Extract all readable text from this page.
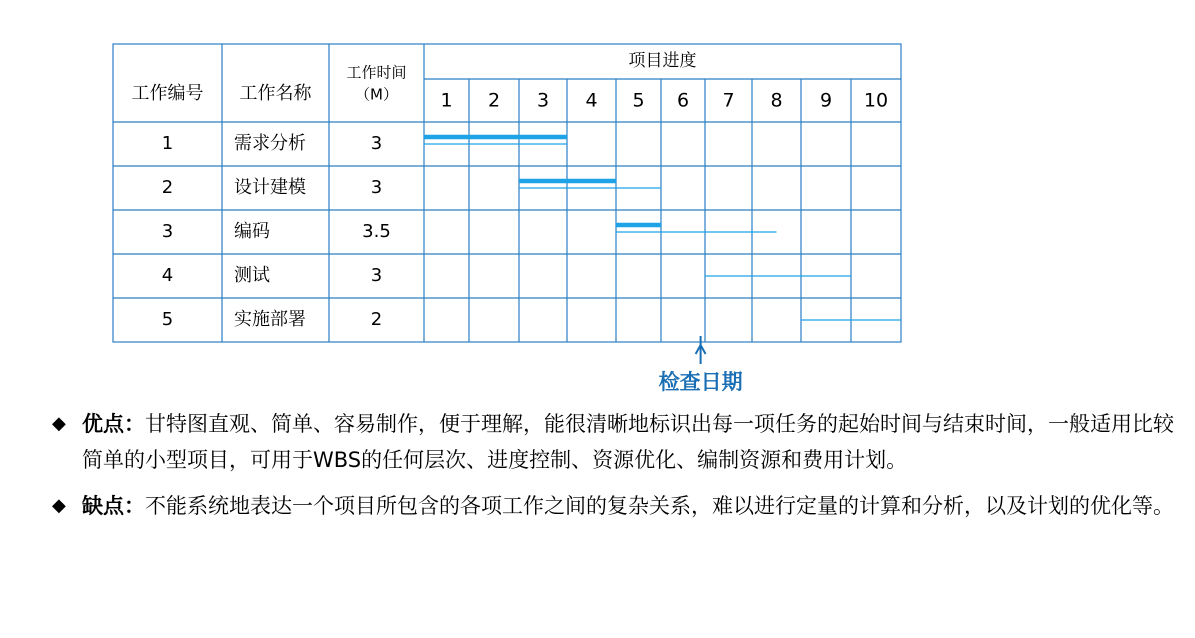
工作编号 工作名称
工作时间
（M）
项目进度
1 2 3 4 5 6 7 8 9 10
1	需求分析	3
2	设计建模	3
3	编码	3.5
4	测试	3
5	实施部署	2
检查日期
◆ 优点：甘特图直观、简单、容易制作，便于理解，能很清晰地标识出每一项任务的起始时间与结束时间，一般适用比较简单的小型项目，可用于WBS的任何层次、进度控制、资源优化、编制资源和费用计划。
◆ 缺点：不能系统地表达一个项目所包含的各项工作之间的复杂关系，难以进行定量的计算和分析，以及计划的优化等。
